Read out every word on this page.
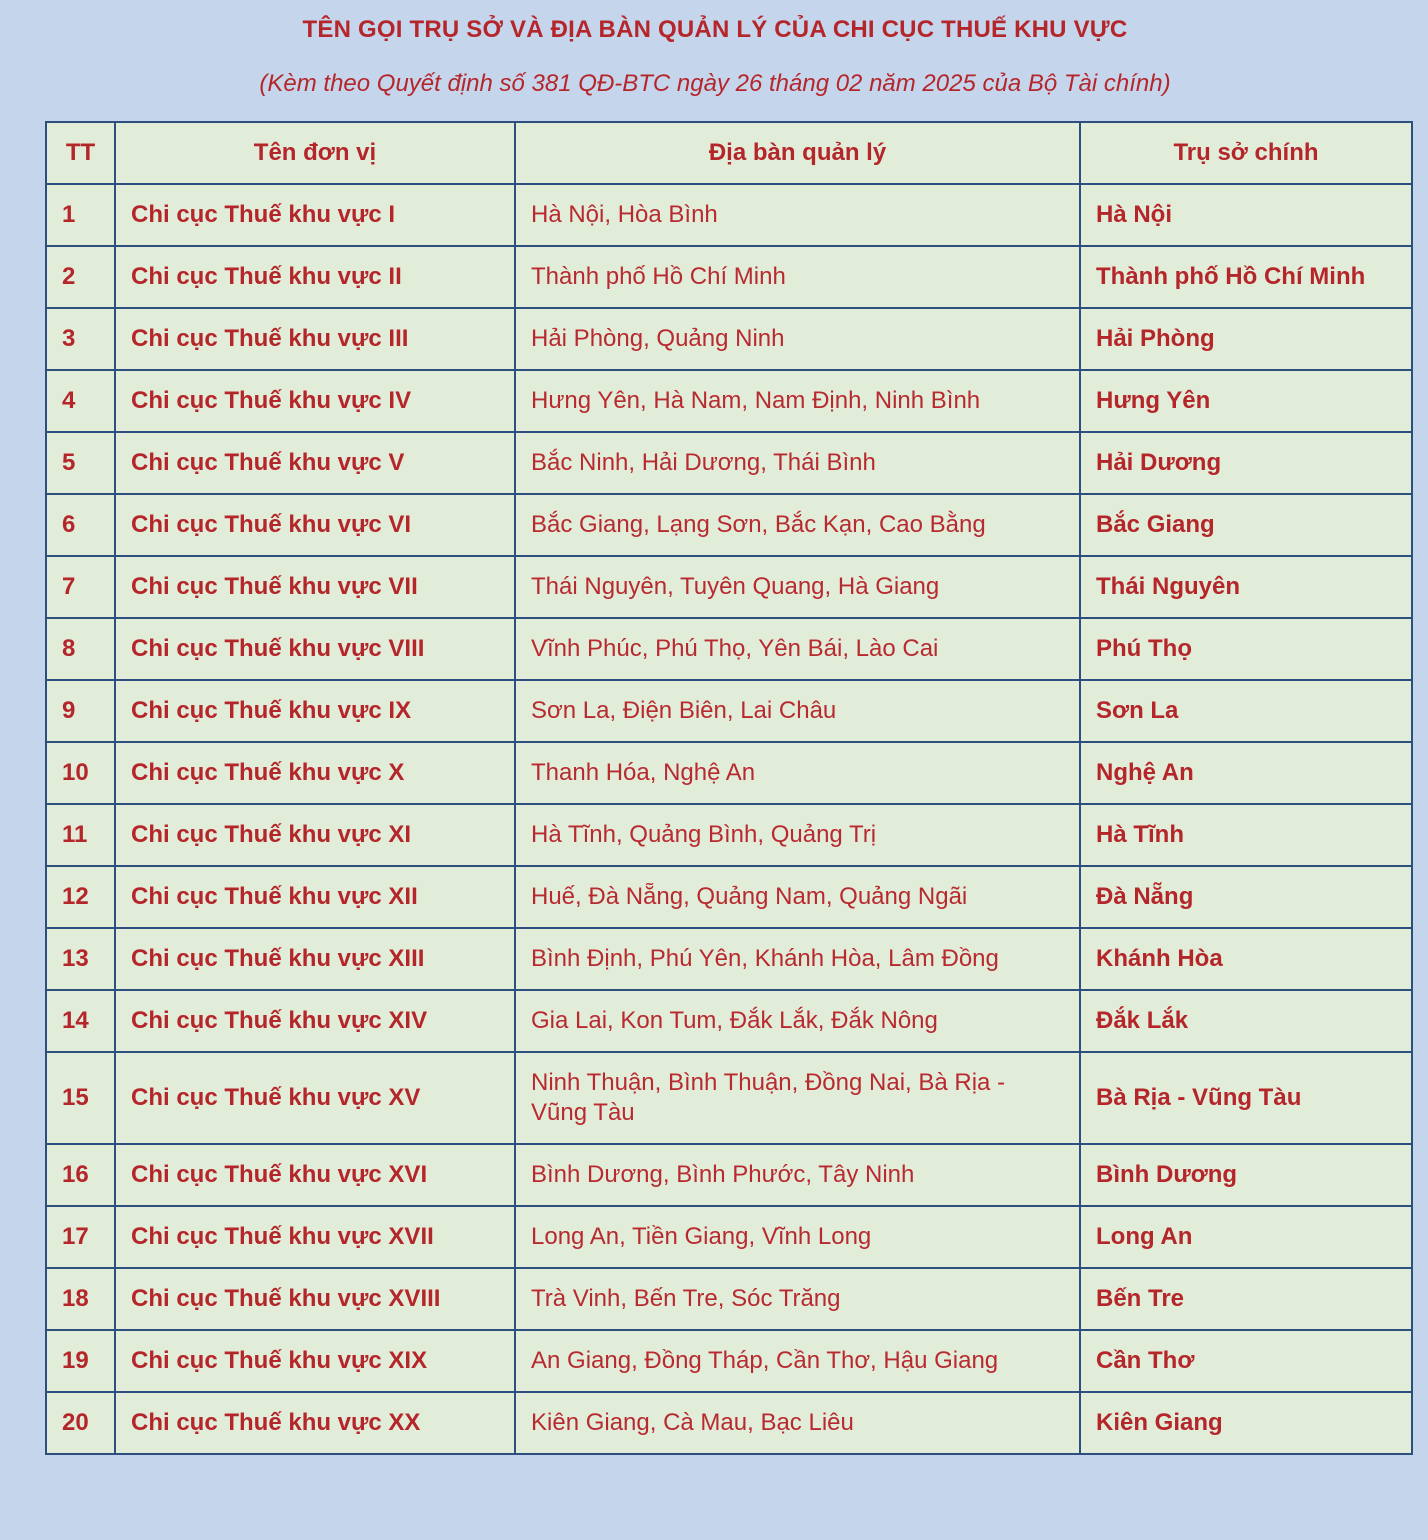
TÊN GỌI TRỤ SỞ VÀ ĐỊA BÀN QUẢN LÝ CỦA CHI CỤC THUẾ KHU VỰC
(Kèm theo Quyết định số 381 QĐ-BTC ngày 26 tháng 02 năm 2025 của Bộ Tài chính)
TT	Tên đơn vị	Địa bàn quản lý	Trụ sở chính
1	Chi cục Thuế khu vực I	Hà Nội, Hòa Bình	Hà Nội
2	Chi cục Thuế khu vực II	Thành phố Hồ Chí Minh	Thành phố Hồ Chí Minh
3	Chi cục Thuế khu vực III	Hải Phòng, Quảng Ninh	Hải Phòng
4	Chi cục Thuế khu vực IV	Hưng Yên, Hà Nam, Nam Định, Ninh Bình	Hưng Yên
5	Chi cục Thuế khu vực V	Bắc Ninh, Hải Dương, Thái Bình	Hải Dương
6	Chi cục Thuế khu vực VI	Bắc Giang, Lạng Sơn, Bắc Kạn, Cao Bằng	Bắc Giang
7	Chi cục Thuế khu vực VII	Thái Nguyên, Tuyên Quang, Hà Giang	Thái Nguyên
8	Chi cục Thuế khu vực VIII	Vĩnh Phúc, Phú Thọ, Yên Bái, Lào Cai	Phú Thọ
9	Chi cục Thuế khu vực IX	Sơn La, Điện Biên, Lai Châu	Sơn La
10	Chi cục Thuế khu vực X	Thanh Hóa, Nghệ An	Nghệ An
11	Chi cục Thuế khu vực XI	Hà Tĩnh, Quảng Bình, Quảng Trị	Hà Tĩnh
12	Chi cục Thuế khu vực XII	Huế, Đà Nẵng, Quảng Nam, Quảng Ngãi	Đà Nẵng
13	Chi cục Thuế khu vực XIII	Bình Định, Phú Yên, Khánh Hòa, Lâm Đồng	Khánh Hòa
14	Chi cục Thuế khu vực XIV	Gia Lai, Kon Tum, Đắk Lắk, Đắk Nông	Đắk Lắk
15	Chi cục Thuế khu vực XV	Ninh Thuận, Bình Thuận, Đồng Nai, Bà Rịa - Vũng Tàu	Bà Rịa - Vũng Tàu
16	Chi cục Thuế khu vực XVI	Bình Dương, Bình Phước, Tây Ninh	Bình Dương
17	Chi cục Thuế khu vực XVII	Long An, Tiền Giang, Vĩnh Long	Long An
18	Chi cục Thuế khu vực XVIII	Trà Vinh, Bến Tre, Sóc Trăng	Bến Tre
19	Chi cục Thuế khu vực XIX	An Giang, Đồng Tháp, Cần Thơ, Hậu Giang	Cần Thơ
20	Chi cục Thuế khu vực XX	Kiên Giang, Cà Mau, Bạc Liêu	Kiên Giang
